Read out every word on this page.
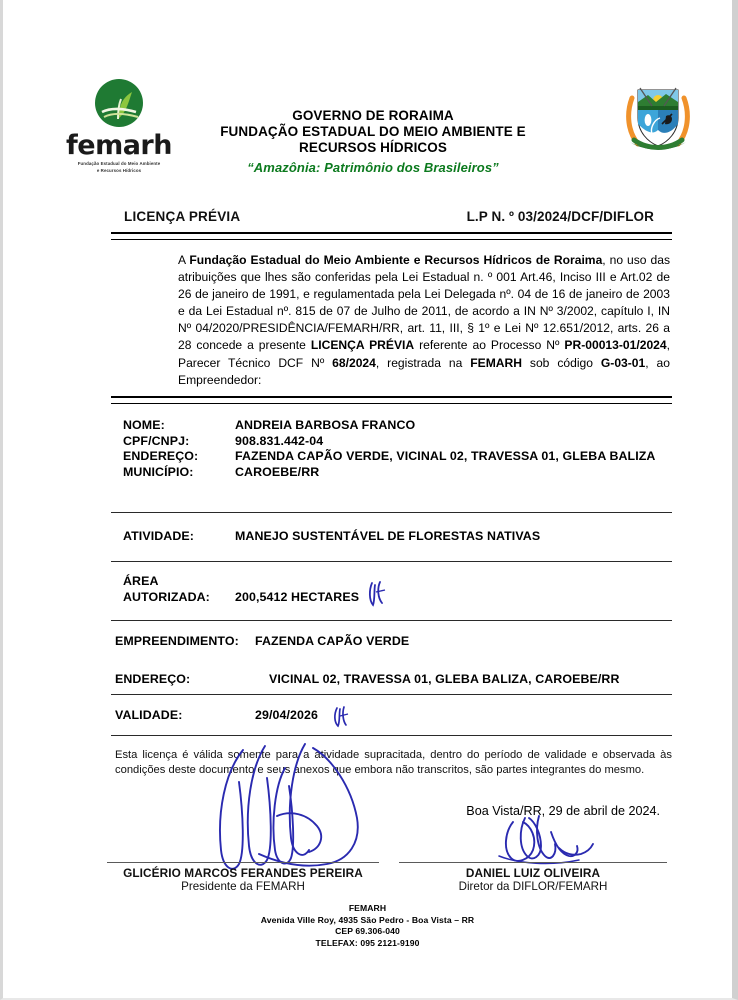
femarh
Fundação Estadual do Meio Ambiente
e Recursos Hídricos
GOVERNO DE RORAIMA
FUNDAÇÃO ESTADUAL DO MEIO AMBIENTE E
RECURSOS HÍDRICOS
“Amazônia: Patrimônio dos Brasileiros”
LICENÇA PRÉVIA	L.P N. º 03/2024/DCF/DIFLOR
A Fundação Estadual do Meio Ambiente e Recursos Hídricos de Roraima, no uso das atribuições que lhes são conferidas pela Lei Estadual n. º 001 Art.46, Inciso III e Art.02 de 26 de janeiro de 1991, e regulamentada pela Lei Delegada nº. 04 de 16 de janeiro de 2003 e da Lei Estadual nº. 815 de 07 de Julho de 2011, de acordo a IN Nº 3/2002, capítulo I, IN Nº 04/2020/PRESIDÊNCIA/FEMARH/RR, art. 11, III, § 1º e Lei Nº 12.651/2012, arts. 26 a 28 concede a presente LICENÇA PRÉVIA referente ao Processo Nº PR-00013-01/2024, Parecer Técnico DCF Nº 68/2024, registrada na FEMARH sob código G-03-01, ao Empreendedor:
NOME:	ANDREIA BARBOSA FRANCO
CPF/CNPJ:	908.831.442-04
ENDEREÇO:	FAZENDA CAPÃO VERDE, VICINAL 02, TRAVESSA 01, GLEBA BALIZA
MUNICÍPIO:	CAROEBE/RR
ATIVIDADE:	MANEJO SUSTENTÁVEL DE FLORESTAS NATIVAS
ÁREA
AUTORIZADA:	200,5412 HECTARES
EMPREENDIMENTO:	FAZENDA CAPÃO VERDE
ENDEREÇO:	VICINAL 02, TRAVESSA 01, GLEBA BALIZA, CAROEBE/RR
VALIDADE:	29/04/2026
Esta licença é válida somente para a atividade supracitada, dentro do período de validade e observada às condições deste documento e seus anexos que embora não transcritos, são partes integrantes do mesmo.
Boa Vista/RR, 29 de abril de 2024.
GLICÉRIO MARCOS FERANDES PEREIRA
Presidente da FEMARH
DANIEL LUIZ OLIVEIRA
Diretor da DIFLOR/FEMARH
FEMARH
Avenida Ville Roy, 4935 São Pedro - Boa Vista – RR
CEP 69.306-040
TELEFAX: 095 2121-9190
